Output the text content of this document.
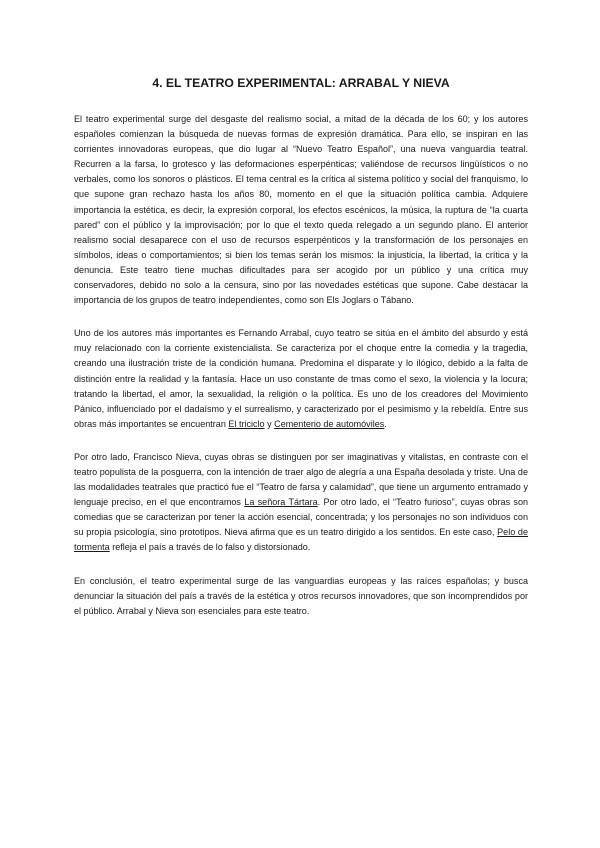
4. EL TEATRO EXPERIMENTAL: ARRABAL Y NIEVA

El teatro experimental surge del desgaste del realismo social, a mitad de la década de los 60; y los autores españoles comienzan la búsqueda de nuevas formas de expresión dramática. Para ello, se inspiran en las corrientes innovadoras europeas, que dio lugar al “Nuevo Teatro Español”, una nueva vanguardia teatral. Recurren a la farsa, lo grotesco y las deformaciones esperpénticas; valiéndose de recursos lingüísticos o no verbales, como los sonoros o plásticos. El tema central es la crítica al sistema político y social del franquismo, lo que supone gran rechazo hasta los años 80, momento en el que la situación política cambia. Adquiere importancia la estética, es decir, la expresión corporal, los efectos escénicos, la música, la ruptura de “la cuarta pared” con el público y la improvisación; por lo que el texto queda relegado a un segundo plano. El anterior realismo social desaparece con el uso de recursos esperpénticos y la transformación de los personajes en símbolos, ideas o comportamientos; si bien los temas serán los mismos: la injusticia, la libertad, la crítica y la denuncia. Este teatro tiene muchas dificultades para ser acogido por un público y una crítica muy conservadores, debido no solo a la censura, sino por las novedades estéticas que supone. Cabe destacar la importancia de los grupos de teatro independientes, como son Els Joglars o Tábano.

Uno de los autores más importantes es Fernando Arrabal, cuyo teatro se sitúa en el ámbito del absurdo y está muy relacionado con la corriente existencialista. Se caracteriza por el choque entre la comedia y la tragedia, creando una ilustración triste de la condición humana. Predomina el disparate y lo ilógico, debido a la falta de distinción entre la realidad y la fantasía. Hace un uso constante de tmas como el sexo, la violencia y la locura; tratando la libertad, el amor, la sexualidad, la religión o la política. Es uno de los creadores del Movimiento Pánico, influenciado por el dadaísmo y el surrealismo, y caracterizado por el pesimismo y la rebeldía. Entre sus obras más importantes se encuentran El triciclo y Cementerio de automóviles.

Por otro lado, Francisco Nieva, cuyas obras se distinguen por ser imaginativas y vitalistas, en contraste con el teatro populista de la posguerra, con la intención de traer algo de alegría a una España desolada y triste. Una de las modalidades teatrales que practicó fue el “Teatro de farsa y calamidad”, que tiene un argumento entramado y lenguaje preciso, en el que encontramos La señora Tártara. Por otro lado, el “Teatro furioso”, cuyas obras son comedias que se caracterizan por tener la acción esencial, concentrada; y los personajes no son individuos con su propia psicología, sino prototipos. Nieva afirma que es un teatro dirigido a los sentidos. En este caso, Pelo de tormenta refleja el país a través de lo falso y distorsionado.

En conclusión, el teatro experimental surge de las vanguardias europeas y las raíces españolas; y busca denunciar la situación del país a través de la estética y otros recursos innovadores, que son incomprendidos por el público. Arrabal y Nieva son esenciales para este teatro.
